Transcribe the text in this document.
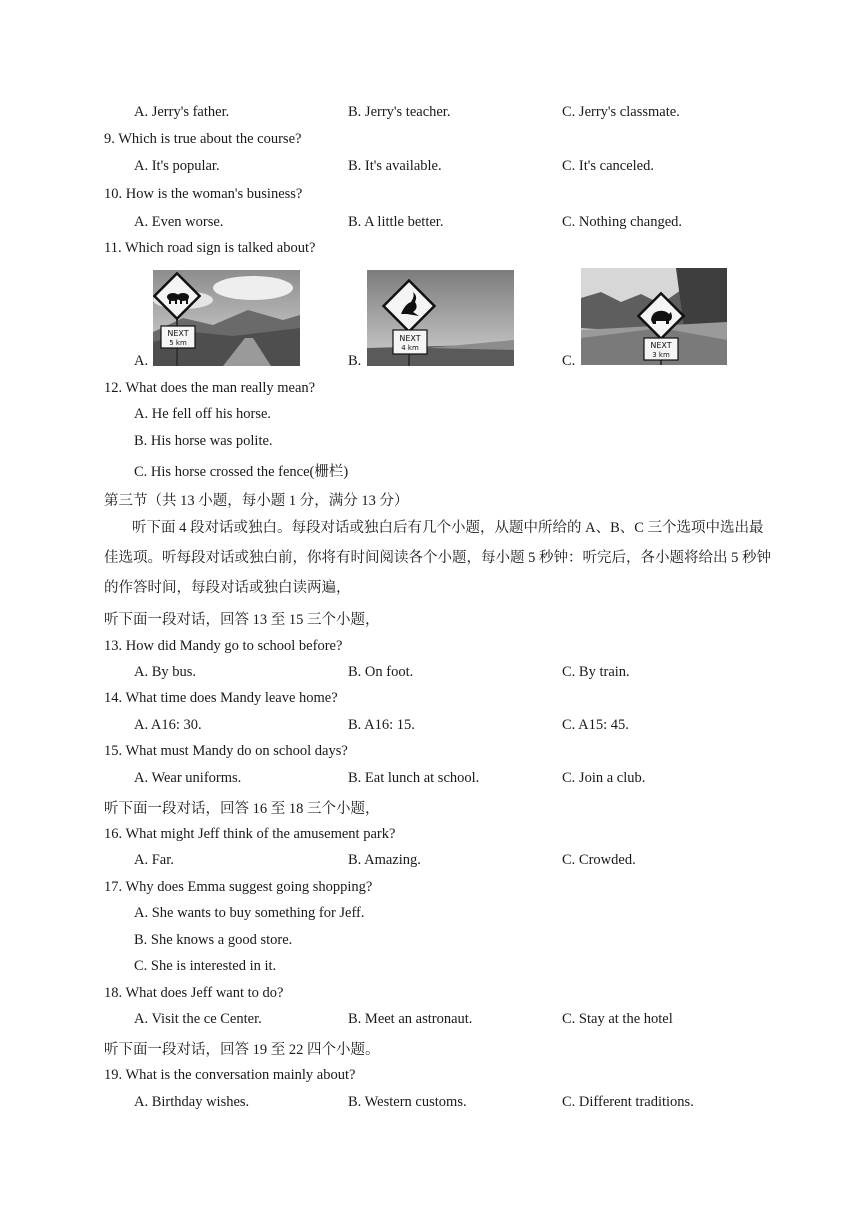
A. Jerry's father.	B. Jerry's teacher.	C. Jerry's classmate.
9. Which is true about the course?
A. It's popular.	B. It's available.	C. It's canceled.
10. How is the woman's business?
A. Even worse.	B. A little better.	C. Nothing changed.
11. Which road sign is talked about?
A.
NEXT
5 km
B.
NEXT
4 km
C.
NEXT
3 km
12. What does the man really mean?
A. He fell off his horse.
B. His horse was polite.
C. His horse crossed the fence(栅栏)
第三节（共 13 小题，每小题 1 分，满分 13 分）
听下面 4 段对话或独白。每段对话或独白后有几个小题，从题中所给的 A、B、C 三个选项中选出最佳选项。听每段对话或独白前，你将有时间阅读各个小题，每小题 5 秒钟：听完后，各小题将给出 5 秒钟的作答时间，每段对话或独白读两遍，
听下面一段对话，回答 13 至 15 三个小题，
13. How did Mandy go to school before?
A. By bus.	B. On foot.	C. By train.
14. What time does Mandy leave home?
A. A16: 30.	B. A16: 15.	C. A15: 45.
15. What must Mandy do on school days?
A. Wear uniforms.	B. Eat lunch at school.	C. Join a club.
听下面一段对话，回答 16 至 18 三个小题，
16. What might Jeff think of the amusement park?
A. Far.	B. Amazing.	C. Crowded.
17. Why does Emma suggest going shopping?
A. She wants to buy something for Jeff.
B. She knows a good store.
C. She is interested in it.
18. What does Jeff want to do?
A. Visit the ce Center.	B. Meet an astronaut.	C. Stay at the hotel
听下面一段对话，回答 19 至 22 四个小题。
19. What is the conversation mainly about?
A. Birthday wishes.	B. Western customs.	C. Different traditions.
